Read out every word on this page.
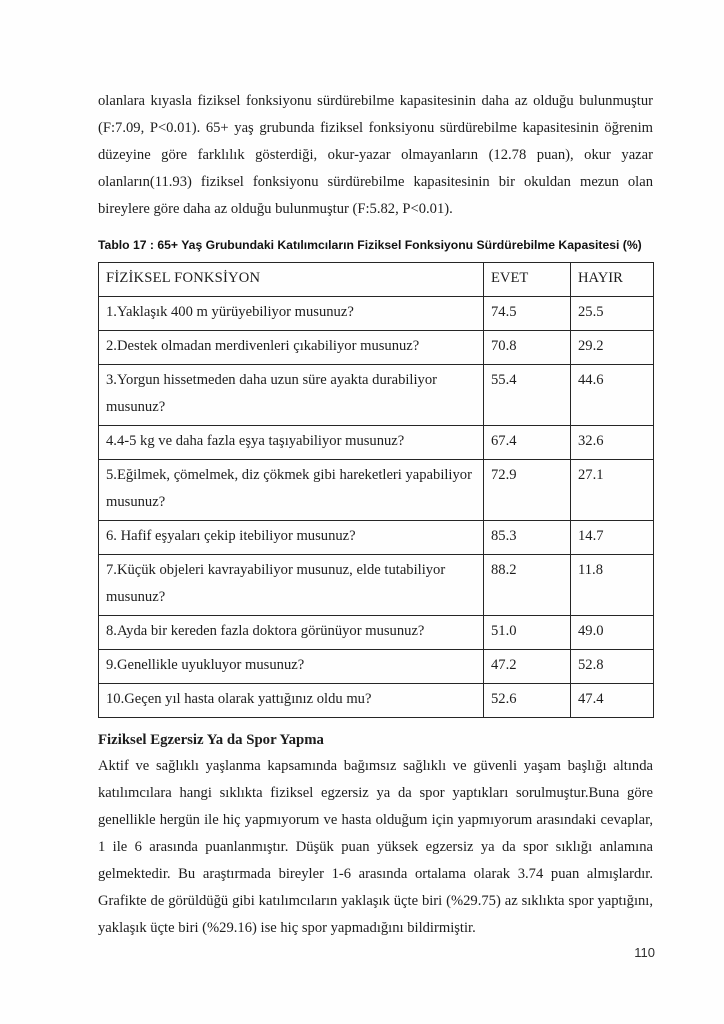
olanlara kıyasla fiziksel fonksiyonu sürdürebilme kapasitesinin daha az olduğu bulunmuştur (F:7.09, P<0.01). 65+ yaş grubunda fiziksel fonksiyonu sürdürebilme kapasitesinin öğrenim düzeyine göre farklılık gösterdiği, okur-yazar olmayanların (12.78 puan), okur yazar olanların(11.93) fiziksel fonksiyonu sürdürebilme kapasitesinin bir okuldan mezun olan bireylere göre daha az olduğu bulunmuştur (F:5.82, P<0.01).

Tablo 17 : 65+ Yaş Grubundaki Katılımcıların Fiziksel Fonksiyonu Sürdürebilme Kapasitesi (%)

FİZİKSEL FONKSİYON	EVET	HAYIR
1.Yaklaşık 400 m yürüyebiliyor musunuz?	74.5	25.5
2.Destek olmadan merdivenleri çıkabiliyor musunuz?	70.8	29.2
3.Yorgun hissetmeden daha uzun süre ayakta durabiliyor musunuz?	55.4	44.6
4.4-5 kg ve daha fazla eşya taşıyabiliyor musunuz?	67.4	32.6
5.Eğilmek, çömelmek, diz çökmek gibi hareketleri yapabiliyor musunuz?	72.9	27.1
6. Hafif eşyaları çekip itebiliyor musunuz?	85.3	14.7
7.Küçük objeleri kavrayabiliyor musunuz, elde tutabiliyor musunuz?	88.2	11.8
8.Ayda bir kereden fazla doktora görünüyor musunuz?	51.0	49.0
9.Genellikle uyukluyor musunuz?	47.2	52.8
10.Geçen yıl hasta olarak yattığınız oldu mu?	52.6	47.4
Fiziksel Egzersiz Ya da Spor Yapma

Aktif ve sağlıklı yaşlanma kapsamında bağımsız sağlıklı ve güvenli yaşam başlığı altında katılımcılara hangi sıklıkta fiziksel egzersiz ya da spor yaptıkları sorulmuştur.Buna göre genellikle hergün ile hiç yapmıyorum ve hasta olduğum için yapmıyorum arasındaki cevaplar, 1 ile 6 arasında puanlanmıştır. Düşük puan yüksek egzersiz ya da spor sıklığı anlamına gelmektedir. Bu araştırmada bireyler 1-6 arasında ortalama olarak 3.74 puan almışlardır. Grafikte de görüldüğü gibi katılımcıların yaklaşık üçte biri (%29.75) az sıklıkta spor yaptığını, yaklaşık üçte biri (%29.16) ise hiç spor yapmadığını bildirmiştir.

110
